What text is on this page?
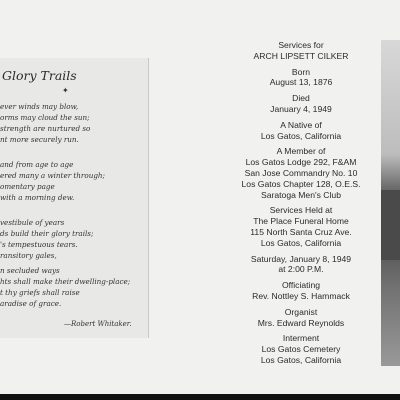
Glory Trails
✦
ever winds may blow,
orms may cloud the sun;
strength are nurtured so
nt more securely run.
and from age to age
ered many a winter through;
omentary page
with a morning dew.
vestibule of years
ds build their glory trails;
's tempestuous tears.
ransitory gales,
n secluded ways
hts shall make their dwelling-place;
t thy griefs shall raise
aradise of grace.
—Robert Whitaker.
Services for
ARCH LIPSETT CILKER
Born
August 13, 1876
Died
January 4, 1949
A Native of
Los Gatos, California
A Member of
Los Gatos Lodge 292, F&AM
San Jose Commandry No. 10
Los Gatos Chapter 128, O.E.S.
Saratoga Men's Club
Services Held at
The Place Funeral Home
115 North Santa Cruz Ave.
Los Gatos, California
Saturday, January 8, 1949
at 2:00 P.M.
Officiating
Rev. Nottley S. Hammack
Organist
Mrs. Edward Reynolds
Interment
Los Gatos Cemetery
Los Gatos, California
